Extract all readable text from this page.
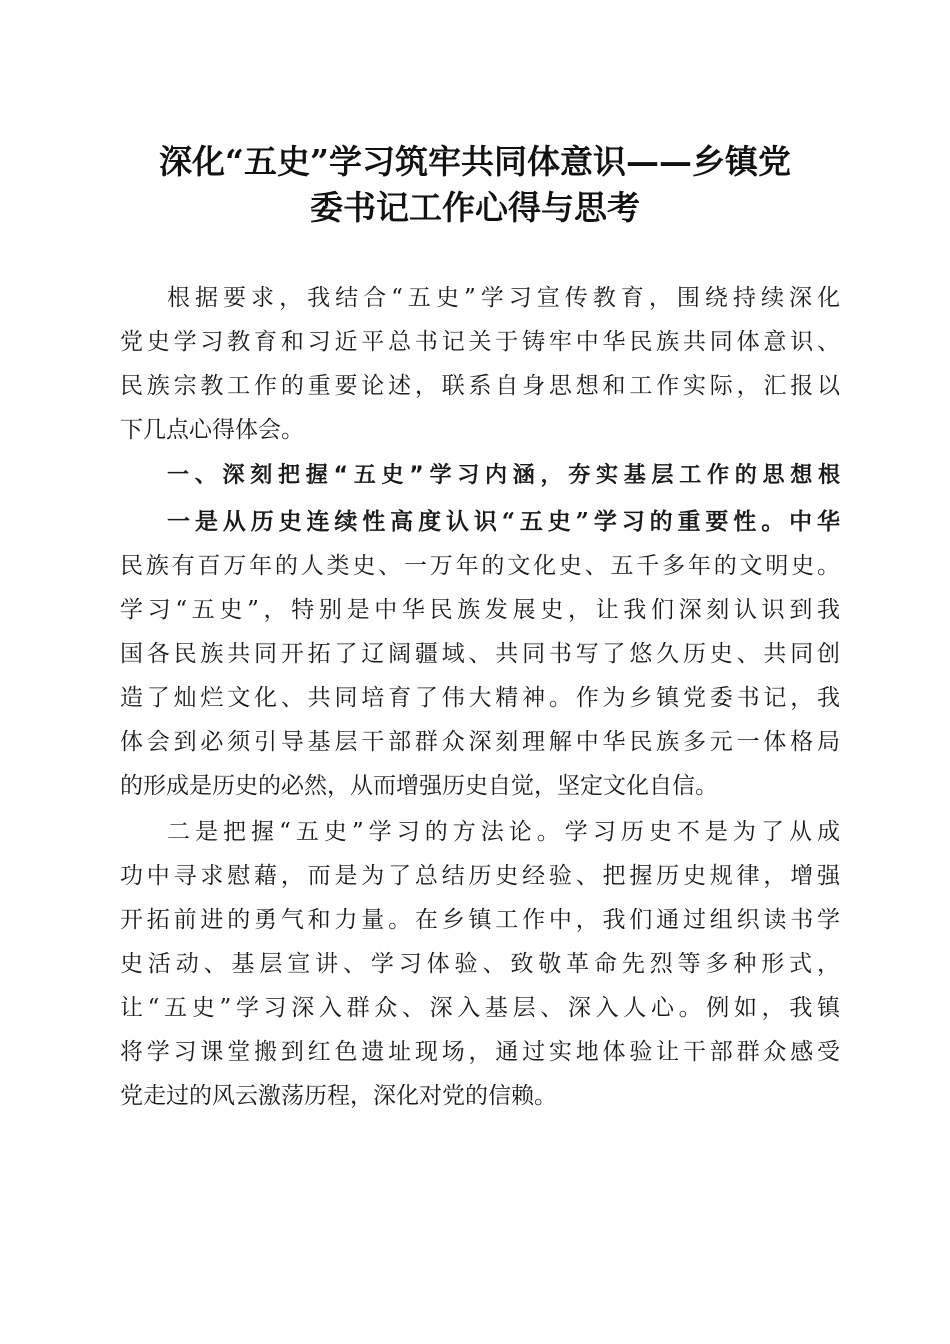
深化“五史”学习筑牢共同体意识——乡镇党
委书记工作心得与思考
根据要求，我结合“五史”学习宣传教育，围绕持续深化
党史学习教育和习近平总书记关于铸牢中华民族共同体意识、
民族宗教工作的重要论述，联系自身思想和工作实际，汇报以
下几点心得体会。
一、深刻把握“五史”学习内涵，夯实基层工作的思想根
一是从历史连续性高度认识“五史”学习的重要性。中华
民族有百万年的人类史、一万年的文化史、五千多年的文明史。
学习“五史”，特别是中华民族发展史，让我们深刻认识到我
国各民族共同开拓了辽阔疆域、共同书写了悠久历史、共同创
造了灿烂文化、共同培育了伟大精神。作为乡镇党委书记，我
体会到必须引导基层干部群众深刻理解中华民族多元一体格局
的形成是历史的必然，从而增强历史自觉，坚定文化自信。
二是把握“五史”学习的方法论。学习历史不是为了从成
功中寻求慰藉，而是为了总结历史经验、把握历史规律，增强
开拓前进的勇气和力量。在乡镇工作中，我们通过组织读书学
史活动、基层宣讲、学习体验、致敬革命先烈等多种形式，
让“五史”学习深入群众、深入基层、深入人心。例如，我镇
将学习课堂搬到红色遗址现场，通过实地体验让干部群众感受
党走过的风云激荡历程，深化对党的信赖。
